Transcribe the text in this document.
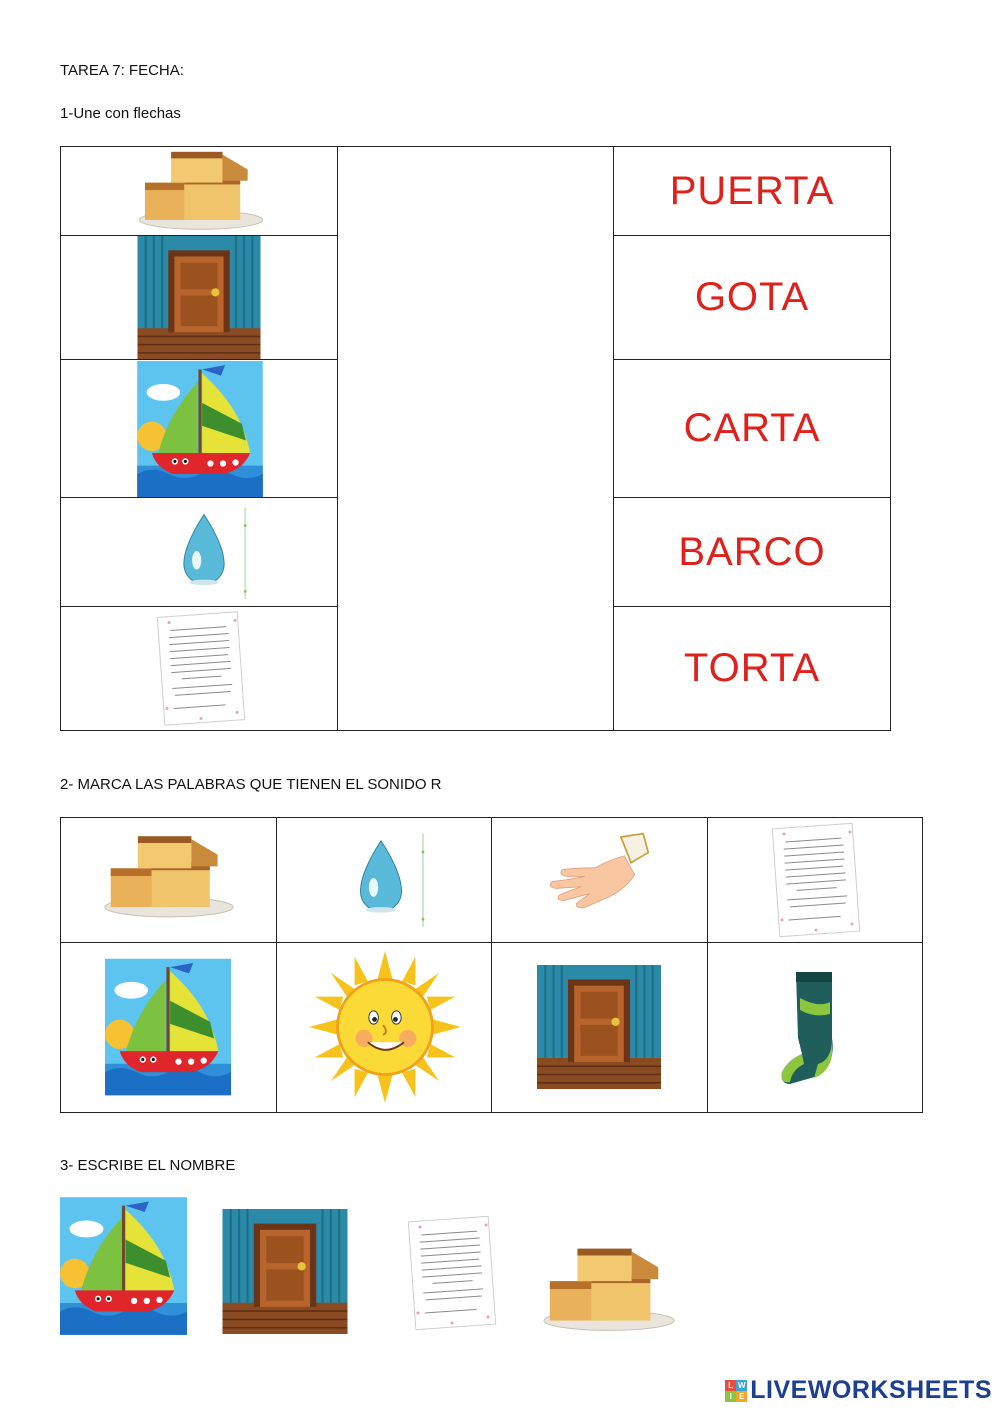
TAREA 7: FECHA:
1-Une con flechas
PUERTA
GOTA
CARTA
BARCO
TORTA
2- MARCA LAS PALABRAS QUE TIENEN EL SONIDO R
3- ESCRIBE EL NOMBRE
L W
I E LIVEWORKSHEETS
